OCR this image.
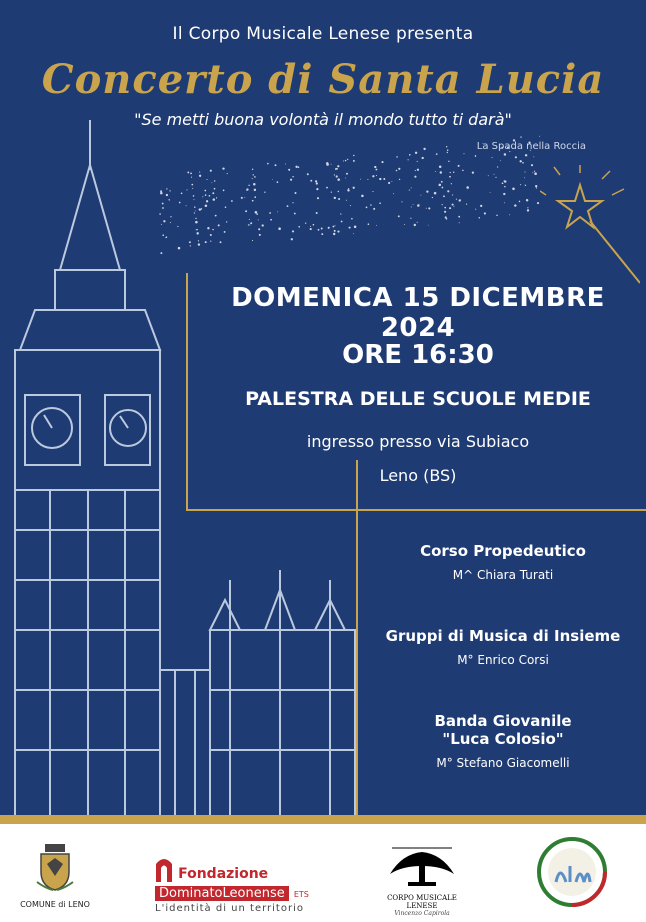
Il Corpo Musicale Lenese presenta
Concerto di Santa Lucia
"Se metti buona volontà il mondo tutto ti darà"
La Spada nella Roccia
DOMENICA 15 DICEMBRE 2024
ORE 16:30
PALESTRA DELLE SCUOLE MEDIE
ingresso presso via Subiaco
Leno (BS)
Corso Propedeutico
M^ Chiara Turati
Gruppi di Musica di Insieme
M° Enrico Corsi
Banda Giovanile
"Luca Colosio"
M° Stefano Giacomelli
COMUNE di LENO
Fondazione
DominatoLeonense ETS
L'identità di un territorio
CORPO MUSICALE LENESE
Vincenzo Capirola
